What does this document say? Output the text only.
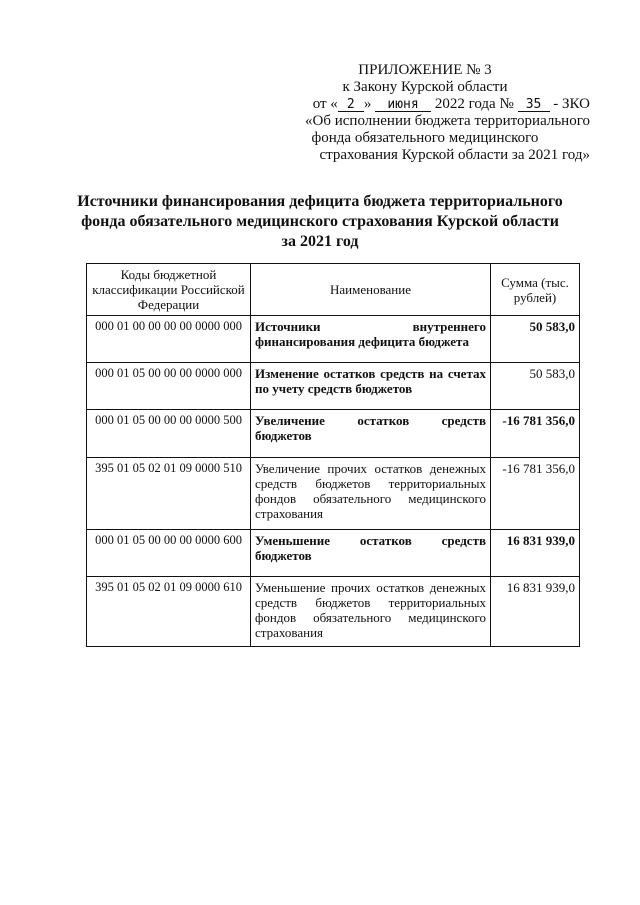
ПРИЛОЖЕНИЕ № 3
к Закону Курской области
от « 2 » июня 2022 года № 35 - ЗКО
«Об исполнении бюджета территориального
фонда обязательного медицинского
страхования Курской области за 2021 год»
Источники финансирования дефицита бюджета территориального
фонда обязательного медицинского страхования Курской области
за 2021 год
Коды бюджетной классификации Российской Федерации	Наименование	Сумма (тыс. рублей)
000 01 00 00 00 00 0000 000	Источники внутреннего финансирования дефицита бюджета	50 583,0
000 01 05 00 00 00 0000 000	Изменение остатков средств на счетах по учету средств бюджетов	50 583,0
000 01 05 00 00 00 0000 500	Увеличение остатков средств бюджетов	-16 781 356,0
395 01 05 02 01 09 0000 510	Увеличение прочих остатков денежных средств бюджетов территориальных фондов обязательного медицинского страхования	-16 781 356,0
000 01 05 00 00 00 0000 600	Уменьшение остатков средств бюджетов	16 831 939,0
395 01 05 02 01 09 0000 610	Уменьшение прочих остатков денежных средств бюджетов территориальных фондов обязательного медицинского страхования	16 831 939,0
